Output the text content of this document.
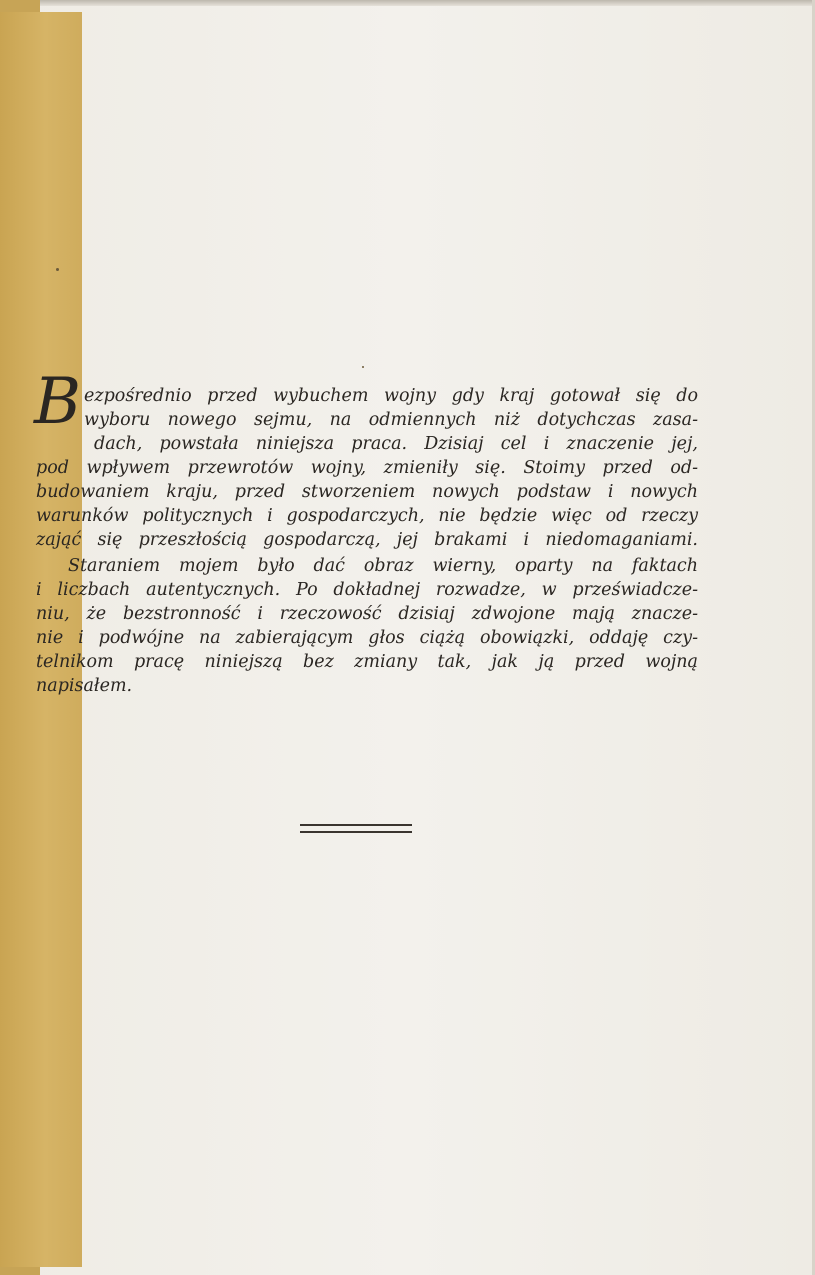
B ezpośrednio przed wybuchem wojny gdy kraj gotował się do
wyboru nowego sejmu, na odmiennych niż dotychczas zasa-
dach, powstała niniejsza praca. Dzisiaj cel i znaczenie jej,
pod wpływem przewrotów wojny, zmieniły się. Stoimy przed od-
budowaniem kraju, przed stworzeniem nowych podstaw i nowych
warunków politycznych i gospodarczych, nie będzie więc od rzeczy
zająć się przeszłością gospodarczą, jej brakami i niedomaganiami.
Staraniem mojem było dać obraz wierny, oparty na faktach
i liczbach autentycznych. Po dokładnej rozwadze, w przeświadcze-
niu, że bezstronność i rzeczowość dzisiaj zdwojone mają znacze-
nie i podwójne na zabierającym głos ciążą obowiązki, oddaję czy-
telnikom pracę niniejszą bez zmiany tak, jak ją przed wojną
napisałem.
